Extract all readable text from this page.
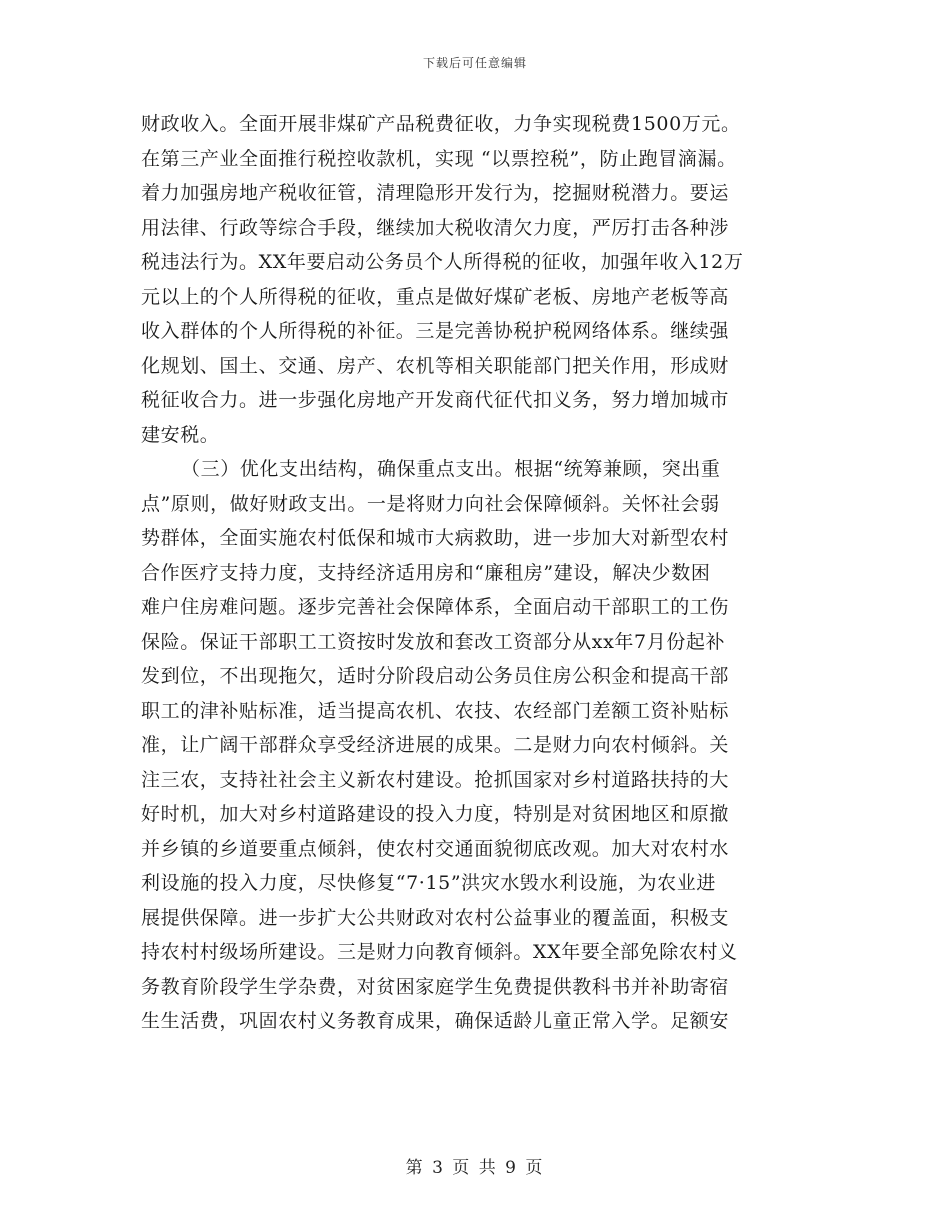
下载后可任意编辑
财政收入。全面开展非煤矿产品税费征收，力争实现税费1500万元。
在第三产业全面推行税控收款机，实现 “以票控税”，防止跑冒滴漏。
着力加强房地产税收征管，清理隐形开发行为，挖掘财税潜力。要运
用法律、行政等综合手段，继续加大税收清欠力度，严厉打击各种涉
税违法行为。XX年要启动公务员个人所得税的征收，加强年收入12万
元以上的个人所得税的征收，重点是做好煤矿老板、房地产老板等高
收入群体的个人所得税的补征。三是完善协税护税网络体系。继续强
化规划、国土、交通、房产、农机等相关职能部门把关作用，形成财
税征收合力。进一步强化房地产开发商代征代扣义务，努力增加城市
建安税。
（三）优化支出结构，确保重点支出。根据“统筹兼顾，突出重
点”原则，做好财政支出。一是将财力向社会保障倾斜。关怀社会弱
势群体，全面实施农村低保和城市大病救助，进一步加大对新型农村
合作医疗支持力度，支持经济适用房和“廉租房”建设，解决少数困
难户住房难问题。逐步完善社会保障体系，全面启动干部职工的工伤
保险。保证干部职工工资按时发放和套改工资部分从xx年7月份起补
发到位，不出现拖欠，适时分阶段启动公务员住房公积金和提高干部
职工的津补贴标准，适当提高农机、农技、农经部门差额工资补贴标
准，让广阔干部群众享受经济进展的成果。二是财力向农村倾斜。关
注三农，支持社社会主义新农村建设。抢抓国家对乡村道路扶持的大
好时机，加大对乡村道路建设的投入力度，特别是对贫困地区和原撤
并乡镇的乡道要重点倾斜，使农村交通面貌彻底改观。加大对农村水
利设施的投入力度，尽快修复“7·15”洪灾水毁水利设施，为农业进
展提供保障。进一步扩大公共财政对农村公益事业的覆盖面，积极支
持农村村级场所建设。三是财力向教育倾斜。XX年要全部免除农村义
务教育阶段学生学杂费，对贫困家庭学生免费提供教科书并补助寄宿
生生活费，巩固农村义务教育成果，确保适龄儿童正常入学。足额安
第 3 页 共 9 页
